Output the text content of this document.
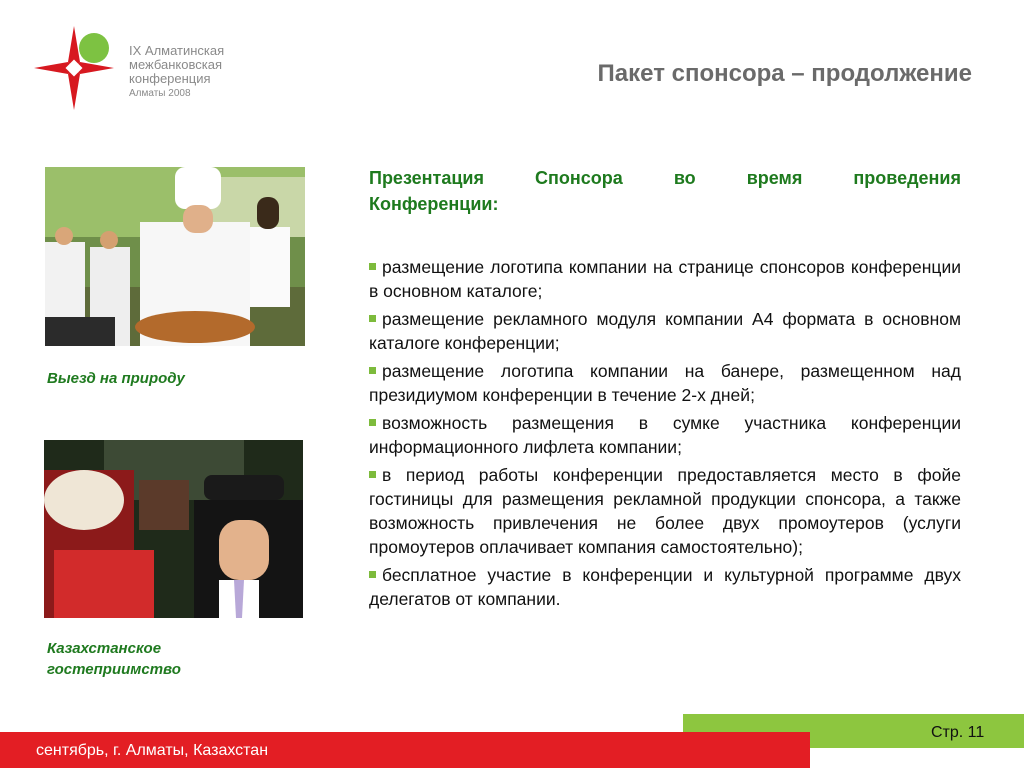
IX Алматинская
межбанковская
конференция
Алматы 2008
Пакет спонсора – продолжение
Выезд на природу
Казахстанское
гостеприимство

Презентация Спонсора во время проведения
Конференции:

размещение логотипа компании на странице спонсоров конференции в основном каталоге;
размещение рекламного модуля компании А4 формата в основном каталоге конференции;
размещение логотипа компании на банере, размещенном над президиумом конференции в течение 2-х дней;
возможность размещения в сумке участника конференции информационного лифлета компании;
в период работы конференции предоставляется место в фойе гостиницы для размещения рекламной продукции спонсора, а также возможность привлечения не более двух промоутеров (услуги промоутеров оплачивает компания самостоятельно);
бесплатное участие в конференции и культурной программе двух делегатов от компании.
сентябрь, г. Алматы, Казахстан
Стр. 11
